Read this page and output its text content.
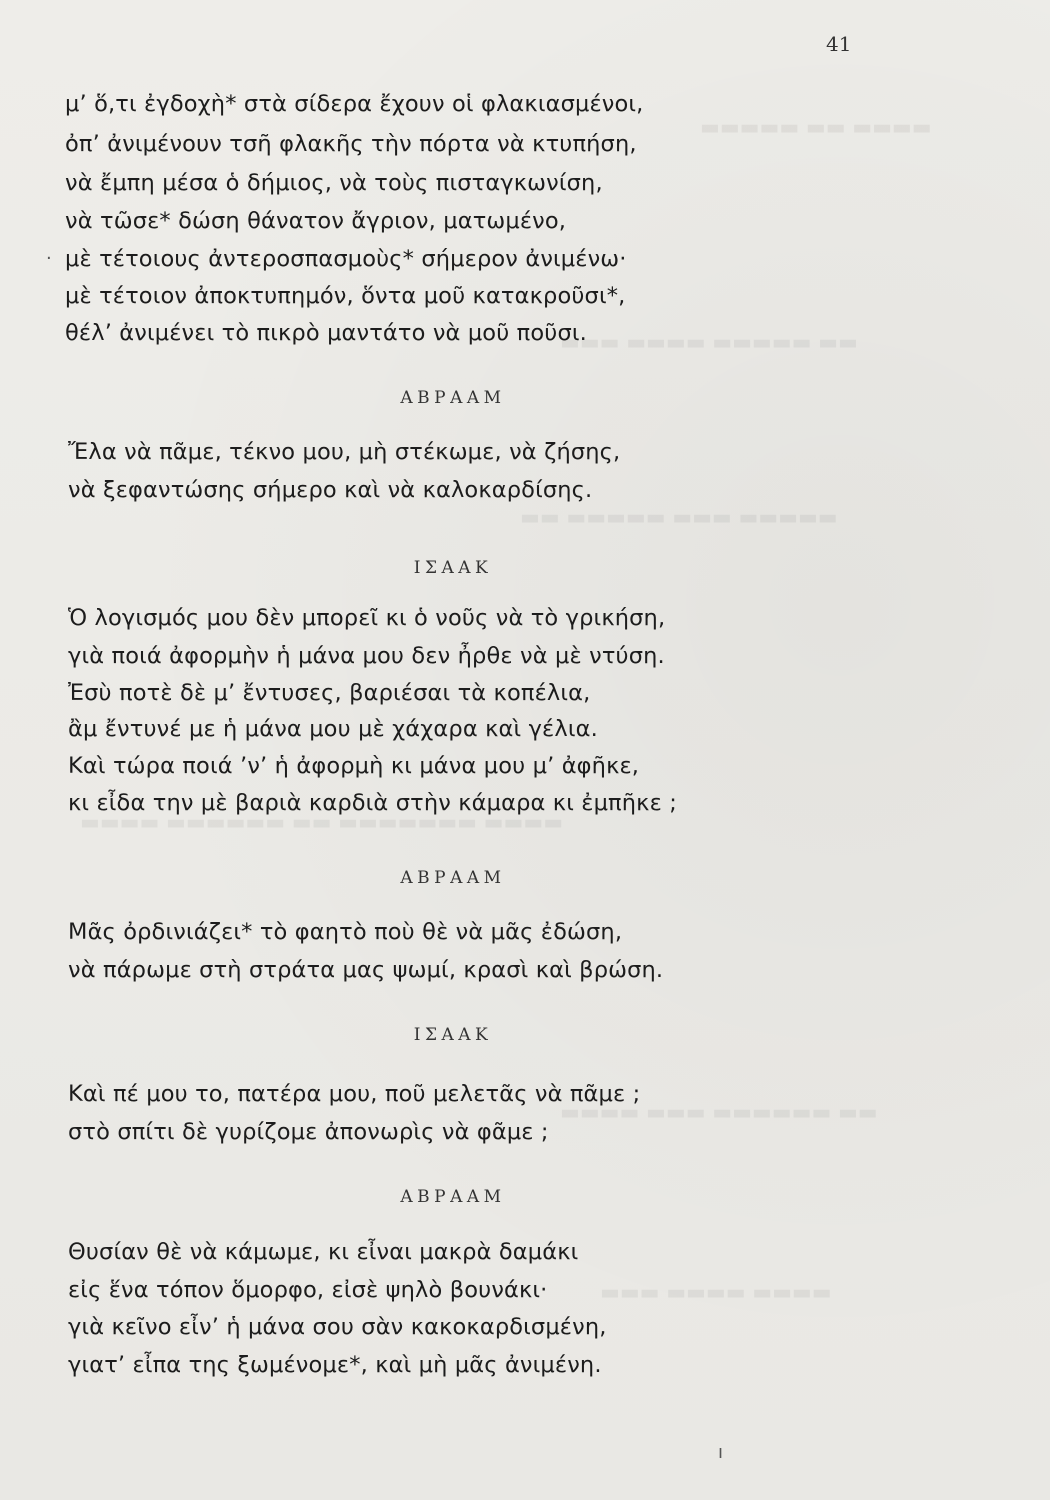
▬▬▬▬▬ ▬▬ ▬▬▬▬
▬▬▬ ▬▬▬▬ ▬▬▬▬▬ ▬▬
▬▬ ▬▬▬▬▬ ▬▬▬ ▬▬▬▬▬
▬▬▬▬ ▬▬▬▬▬▬ ▬▬ ▬▬▬▬▬▬▬ ▬▬▬▬
▬▬▬▬ ▬▬▬ ▬▬▬▬▬▬ ▬▬
▬▬▬ ▬▬▬▬ ▬▬▬▬
41
μ’ ὅ,τι ἐγδοχὴ* στὰ σίδερα ἔχουν οἱ φλακιασμένοι,
ὀπ’ ἀνιμένουν τσῆ φλακῆς τὴν πόρτα νὰ κτυπήση,
νὰ ἔμπη μέσα ὁ δήμιος, νὰ τοὺς πισταγκωνίση,
νὰ τῶσε* δώση θάνατον ἄγριον, ματωμένο,
· μὲ τέτοιους ἀντεροσπασμοὺς* σήμερον ἀνιμένω·
μὲ τέτοιον ἀποκτυπημόν, ὅντα μοῦ κατακροῦσι*,
θέλ’ ἀνιμένει τὸ πικρὸ μαντάτο νὰ μοῦ ποῦσι.
ΑΒΡΑΑΜ
Ἔλα νὰ πᾶμε, τέκνο μου, μὴ στέκωμε, νὰ ζήσης,
νὰ ξεφαντώσης σήμερο καὶ νὰ καλοκαρδίσης.
ΙΣΑΑΚ
Ὁ λογισμός μου δὲν μπορεῖ κι ὁ νοῦς νὰ τὸ γρικήση,
γιὰ ποιά ἀφορμὴν ἡ μάνα μου δεν ἦρθε νὰ μὲ ντύση.
Ἐσὺ ποτὲ δὲ μ’ ἔντυσες, βαριέσαι τὰ κοπέλια,
ἂμ ἔντυνέ με ἡ μάνα μου μὲ χάχαρα καὶ γέλια.
Καὶ τώρα ποιά ’ν’ ἡ ἀφορμὴ κι μάνα μου μ’ ἀφῆκε,
κι εἶδα την μὲ βαριὰ καρδιὰ στὴν κάμαρα κι ἐμπῆκε ;
ΑΒΡΑΑΜ
Μᾶς ὀρδινιάζει* τὸ φαητὸ ποὺ θὲ νὰ μᾶς ἐδώση,
νὰ πάρωμε στὴ στράτα μας ψωμί, κρασὶ καὶ βρώση.
ΙΣΑΑΚ
Καὶ πέ μου το, πατέρα μου, ποῦ μελετᾶς νὰ πᾶμε ;
στὸ σπίτι δὲ γυρίζομε ἀπονωρὶς νὰ φᾶμε ;
ΑΒΡΑΑΜ
Θυσίαν θὲ νὰ κάμωμε, κι εἶναι μακρὰ δαμάκι
εἰς ἕνα τόπον ὅμορφο, εἰσὲ ψηλὸ βουνάκι·
γιὰ κεῖνο εἶν’ ἡ μάνα σου σὰν κακοκαρδισμένη,
γιατ’ εἶπα της ξωμένομε*, καὶ μὴ μᾶς ἀνιμένη.
ı
